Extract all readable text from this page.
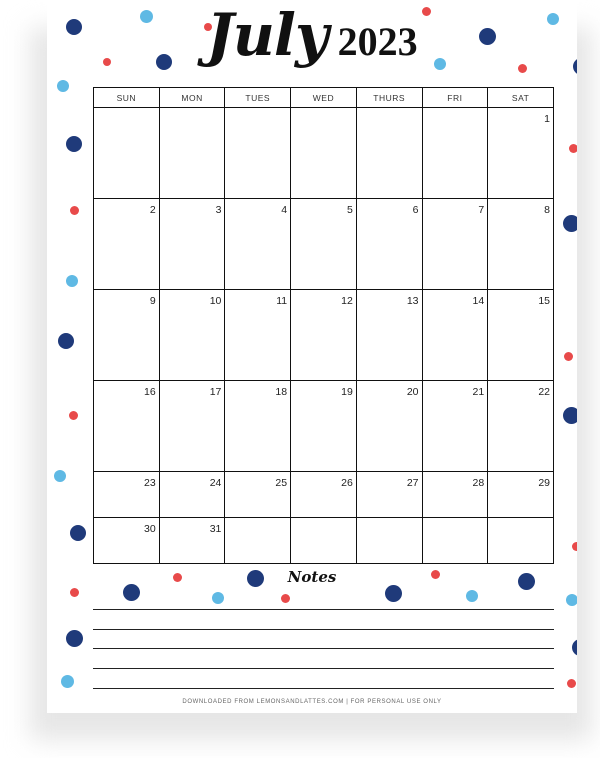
July 2023
SUN	MON	TUES	WED	THURS	FRI	SAT
						1
2	3	4	5	6	7	8
9	10	11	12	13	14	15
16	17	18	19	20	21	22
23	24	25	26	27	28	29
30	31					
Notes
DOWNLOADED FROM LEMONSANDLATTES.COM | FOR PERSONAL USE ONLY
